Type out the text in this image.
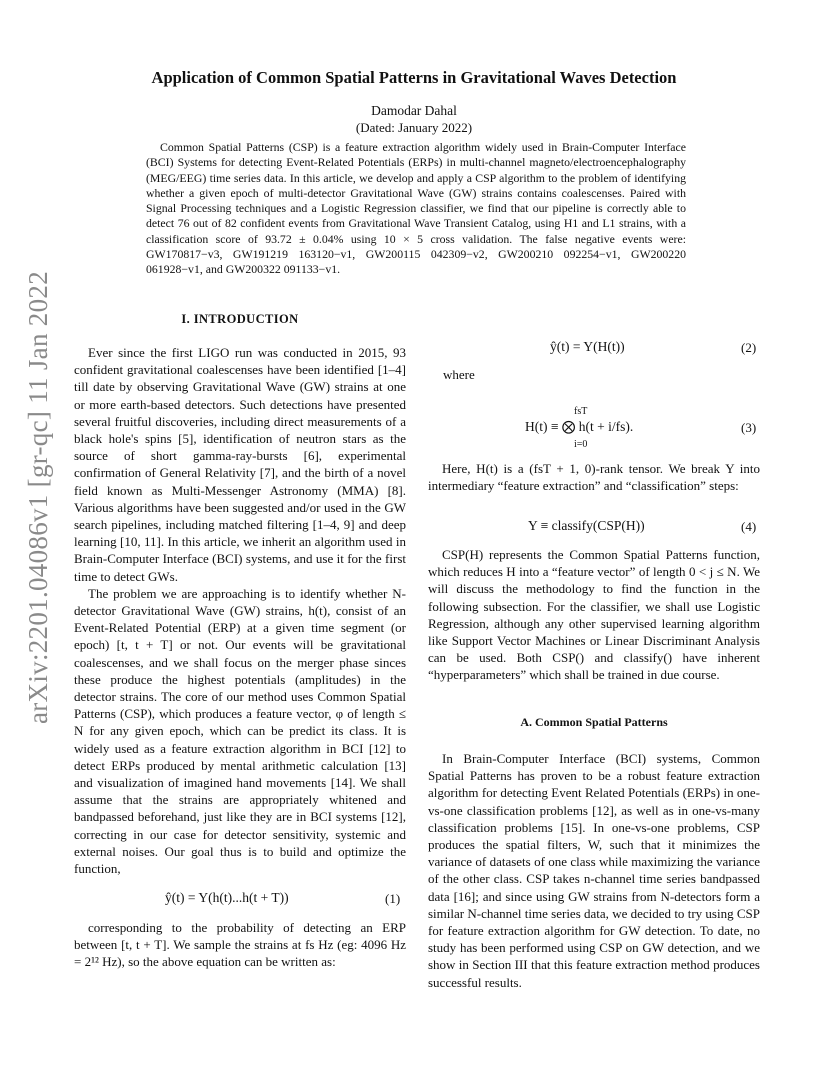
arXiv:2201.04086v1 [gr-qc] 11 Jan 2022
Application of Common Spatial Patterns in Gravitational Waves Detection
Damodar Dahal
(Dated: January 2022)
Common Spatial Patterns (CSP) is a feature extraction algorithm widely used in Brain-Computer Interface (BCI) Systems for detecting Event-Related Potentials (ERPs) in multi-channel magneto/electroencephalography (MEG/EEG) time series data. In this article, we develop and apply a CSP algorithm to the problem of identifying whether a given epoch of multi-detector Gravitational Wave (GW) strains contains coalescenses. Paired with Signal Processing techniques and a Logistic Regression classifier, we find that our pipeline is correctly able to detect 76 out of 82 confident events from Gravitational Wave Transient Catalog, using H1 and L1 strains, with a classification score of 93.72 ± 0.04% using 10 × 5 cross validation. The false negative events were: GW170817−v3, GW191219 163120−v1, GW200115 042309−v2, GW200210 092254−v1, GW200220 061928−v1, and GW200322 091133−v1.
I. INTRODUCTION

Ever since the first LIGO run was conducted in 2015, 93 confident gravitational coalescenses have been identified [1–4] till date by observing Gravitational Wave (GW) strains at one or more earth-based detectors. Such detections have presented several fruitful discoveries, including direct measurements of a black hole's spins [5], identification of neutron stars as the source of short gamma-ray-bursts [6], experimental confirmation of General Relativity [7], and the birth of a novel field known as Multi-Messenger Astronomy (MMA) [8]. Various algorithms have been suggested and/or used in the GW search pipelines, including matched filtering [1–4, 9] and deep learning [10, 11]. In this article, we inherit an algorithm used in Brain-Computer Interface (BCI) systems, and use it for the first time to detect GWs.

The problem we are approaching is to identify whether N-detector Gravitational Wave (GW) strains, h(t), consist of an Event-Related Potential (ERP) at a given time segment (or epoch) [t, t + T] or not. Our events will be gravitational coalescenses, and we shall focus on the merger phase sinces these produce the highest potentials (amplitudes) in the detector strains. The core of our method uses Common Spatial Patterns (CSP), which produces a feature vector, φ of length ≤ N for any given epoch, which can be predict its class. It is widely used as a feature extraction algorithm in BCI [12] to detect ERPs produced by mental arithmetic calculation [13] and visualization of imagined hand movements [14]. We shall assume that the strains are appropriately whitened and bandpassed beforehand, just like they are in BCI systems [12], correcting in our case for detector sensitivity, systemic and external noises. Our goal thus is to build and optimize the function,

ŷ(t) = Y(h(t)...h(t + T))	(1)

corresponding to the probability of detecting an ERP between [t, t + T]. We sample the strains at fs Hz (eg: 4096 Hz = 2¹² Hz), so the above equation can be written as:

ŷ(t) = Y(H(t))	(2)
where
fsT
H(t) ≡ ⨂ h(t + i/fs).
i=0
(3)

Here, H(t) is a (fsT + 1, 0)-rank tensor. We break Y into intermediary “feature extraction” and “classification” steps:

Y ≡ classify(CSP(H))	(4)

CSP(H) represents the Common Spatial Patterns function, which reduces H into a “feature vector” of length 0 < j ≤ N. We will discuss the methodology to find the function in the following subsection. For the classifier, we shall use Logistic Regression, although any other supervised learning algorithm like Support Vector Machines or Linear Discriminant Analysis can be used. Both CSP() and classify() have inherent “hyperparameters” which shall be trained in due course.

A. Common Spatial Patterns

In Brain-Computer Interface (BCI) systems, Common Spatial Patterns has proven to be a robust feature extraction algorithm for detecting Event Related Potentials (ERPs) in one-vs-one classification problems [12], as well as in one-vs-many classification problems [15]. In one-vs-one problems, CSP produces the spatial filters, W, such that it minimizes the variance of datasets of one class while maximizing the variance of the other class. CSP takes n-channel time series bandpassed data [16]; and since using GW strains from N-detectors form a similar N-channel time series data, we decided to try using CSP for feature extraction algorithm for GW detection. To date, no study has been performed using CSP on GW detection, and we show in Section III that this feature extraction method produces successful results.
